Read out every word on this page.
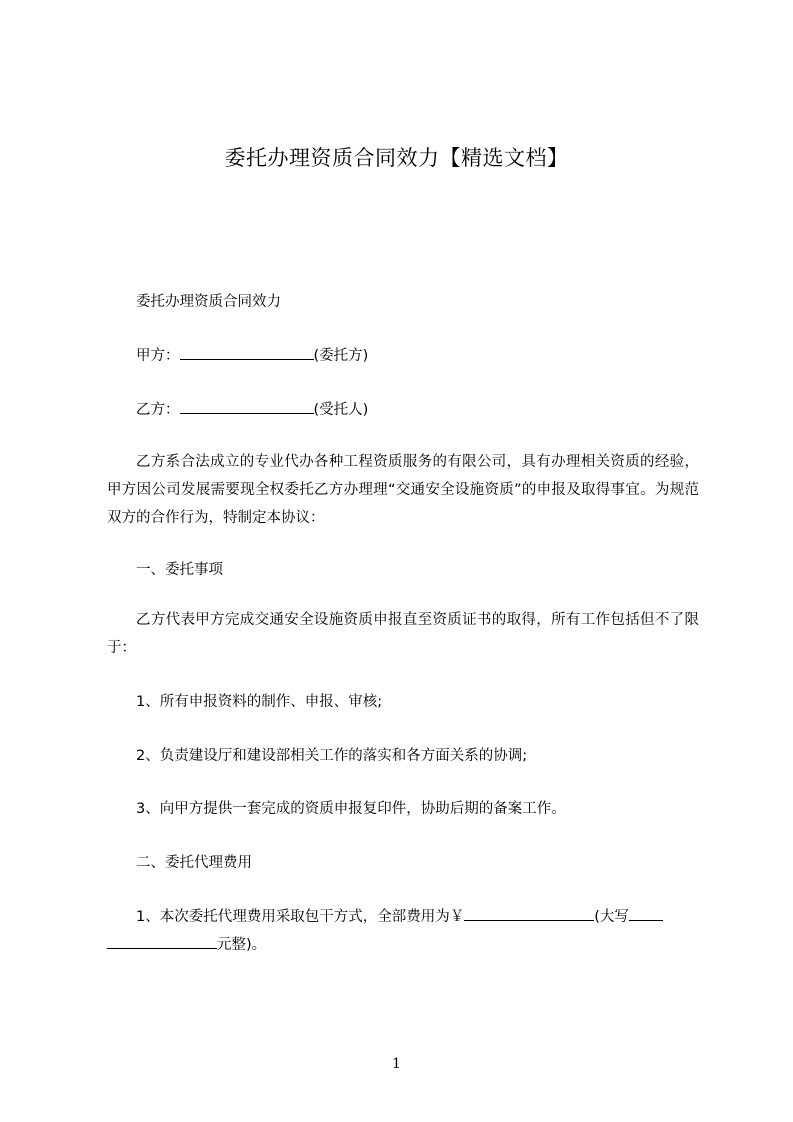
委托办理资质合同效力【精选文档】
委托办理资质合同效力
甲方：	(委托方)
乙方：	(受托人)
乙方系合法成立的专业代办各种工程资质服务的有限公司，具有办理相关资质的经验，甲方因公司发展需要现全权委托乙方办理理“交通安全设施资质”的申报及取得事宜。为规范双方的合作行为，特制定本协议：
一、委托事项
乙方代表甲方完成交通安全设施资质申报直至资质证书的取得，所有工作包括但不了限于：
1、所有申报资料的制作、申报、审核;
2、负责建设厅和建设部相关工作的落实和各方面关系的协调;
3、向甲方提供一套完成的资质申报复印件，协助后期的备案工作。
二、委托代理费用
1、本次委托代理费用采取包干方式，全部费用为￥	(大写
元整)。
1
